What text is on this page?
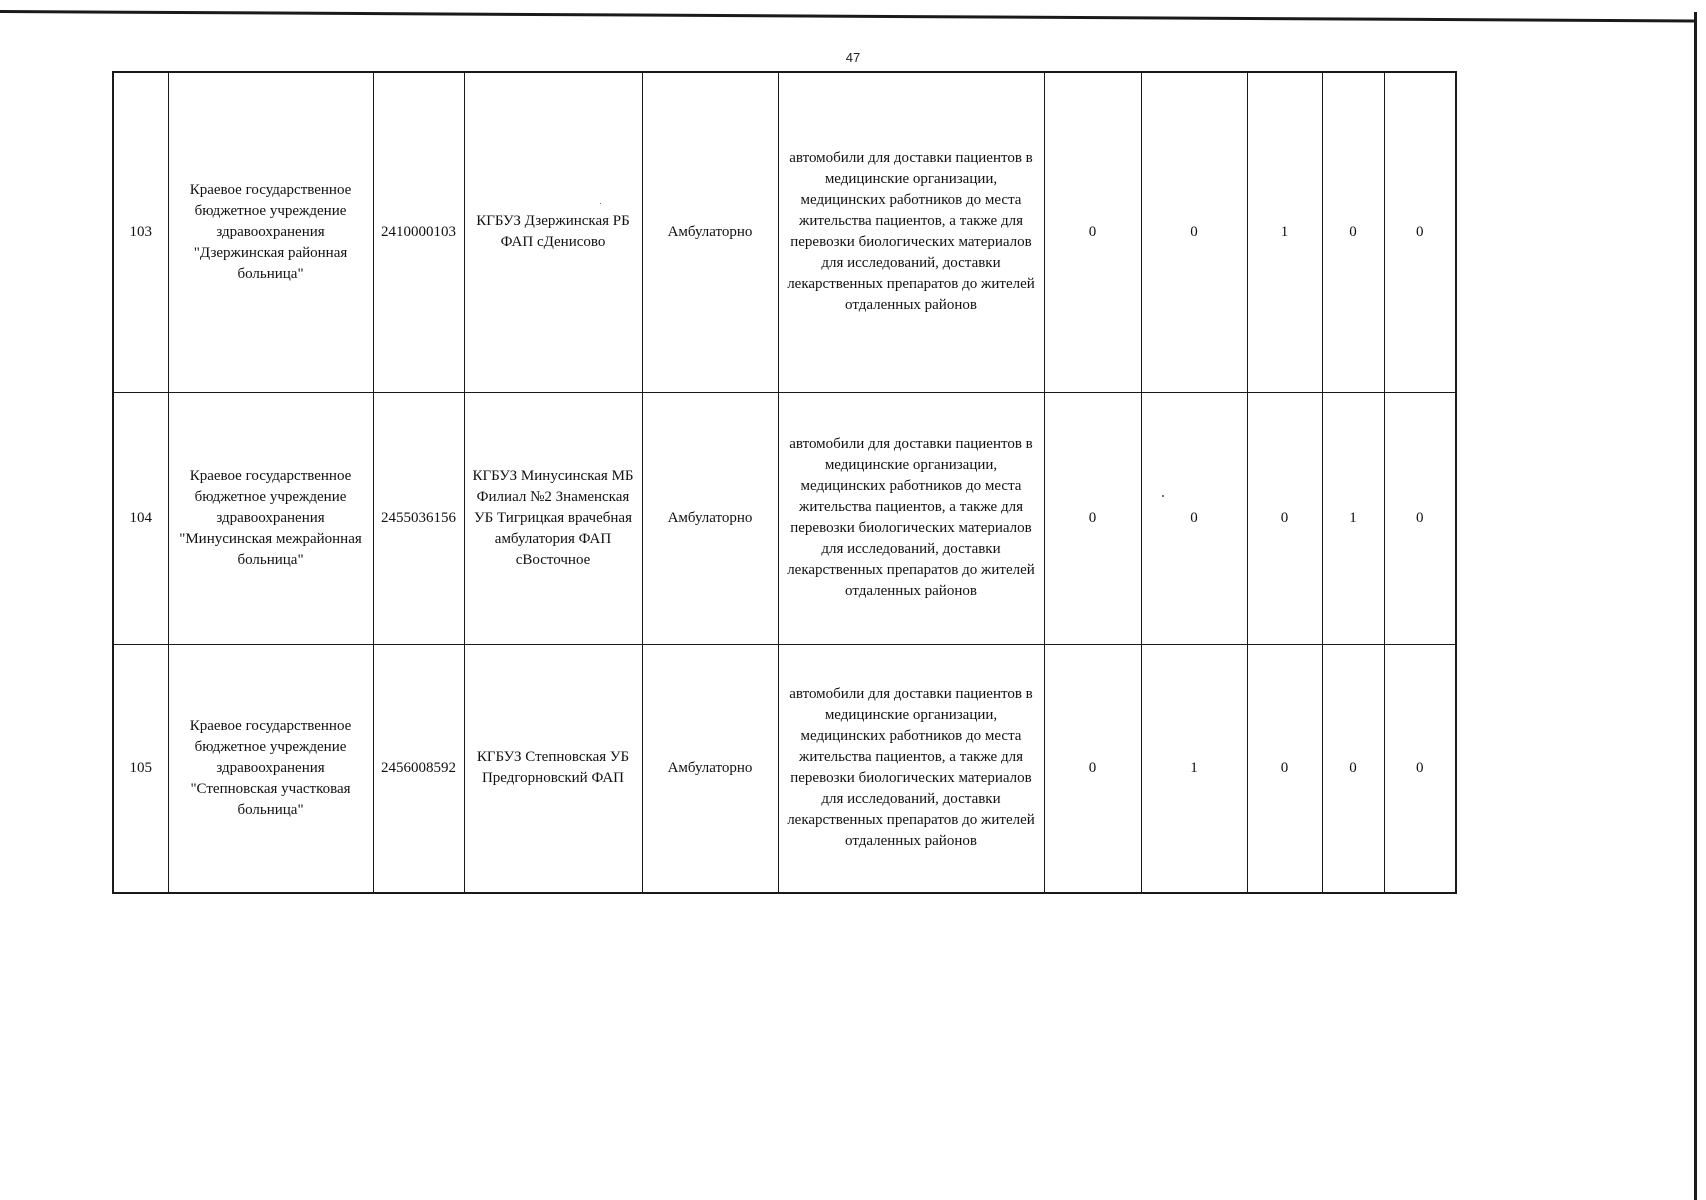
47
103	Краевое государственное бюджетное учреждение здравоохранения "Дзержинская районная больница"	2410000103	КГБУЗ Дзержинская РБ ФАП сДенисово	Амбулаторно	автомобили для доставки пациентов в медицинские организации, медицинских работников до места жительства пациентов, а также для перевозки биологических материалов для исследований, доставки лекарственных препаратов до жителей отдаленных районов	0	0	1	0	0
104	Краевое государственное бюджетное учреждение здравоохранения "Минусинская межрайонная больница"	2455036156	КГБУЗ Минусинская МБ Филиал №2 Знаменская УБ Тигрицкая врачебная амбулатория ФАП сВосточное	Амбулаторно	автомобили для доставки пациентов в медицинские организации, медицинских работников до места жительства пациентов, а также для перевозки биологических материалов для исследований, доставки лекарственных препаратов до жителей отдаленных районов	0	0	0	1	0
105	Краевое государственное бюджетное учреждение здравоохранения "Степновская участковая больница"	2456008592	КГБУЗ Степновская УБ Предгорновский ФАП	Амбулаторно	автомобили для доставки пациентов в медицинские организации, медицинских работников до места жительства пациентов, а также для перевозки биологических материалов для исследований, доставки лекарственных препаратов до жителей отдаленных районов	0	1	0	0	0
